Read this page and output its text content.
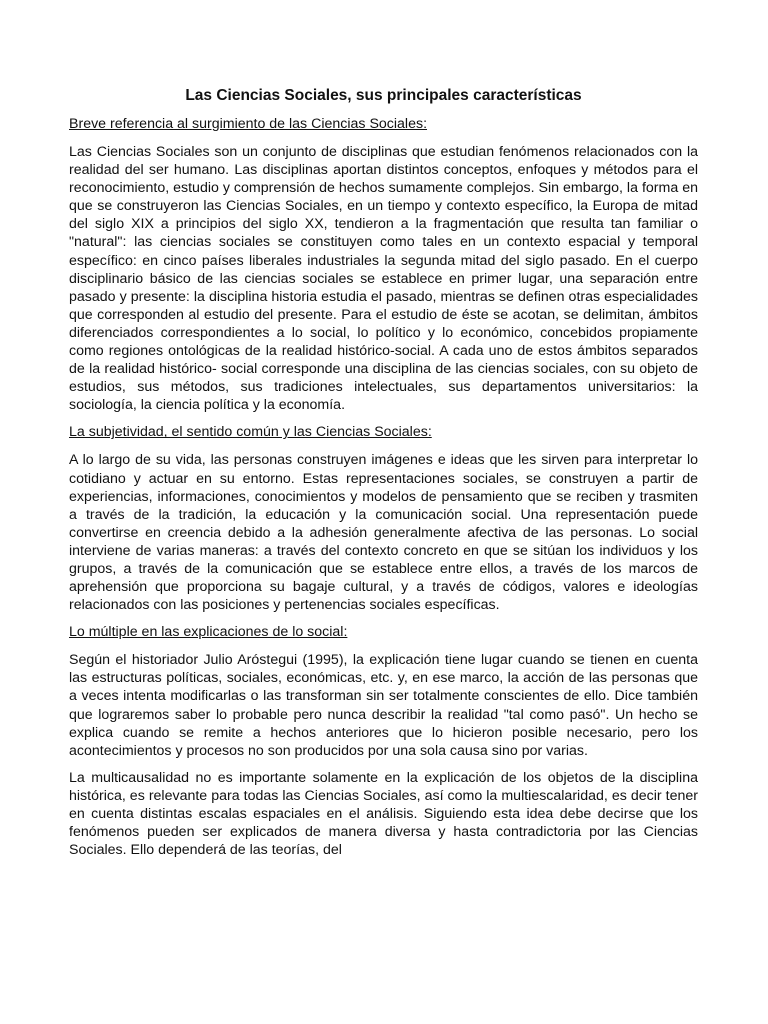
Las Ciencias Sociales, sus principales características
Breve referencia al surgimiento de las Ciencias Sociales:

Las Ciencias Sociales son un conjunto de disciplinas que estudian fenómenos relacionados con la realidad del ser humano. Las disciplinas aportan distintos conceptos, enfoques y métodos para el reconocimiento, estudio y comprensión de hechos sumamente complejos. Sin embargo, la forma en que se construyeron las Ciencias Sociales, en un tiempo y contexto específico, la Europa de mitad del siglo XIX a principios del siglo XX, tendieron a la fragmentación que resulta tan familiar o "natural": las ciencias sociales se constituyen como tales en un contexto espacial y temporal específico: en cinco países liberales industriales la segunda mitad del siglo pasado. En el cuerpo disciplinario básico de las ciencias sociales se establece en primer lugar, una separación entre pasado y presente: la disciplina historia estudia el pasado, mientras se definen otras especialidades que corresponden al estudio del presente. Para el estudio de éste se acotan, se delimitan, ámbitos diferenciados correspondientes a lo social, lo político y lo económico, concebidos propiamente como regiones ontológicas de la realidad histórico-social. A cada uno de estos ámbitos separados de la realidad histórico- social corresponde una disciplina de las ciencias sociales, con su objeto de estudios, sus métodos, sus tradiciones intelectuales, sus departamentos universitarios: la sociología, la ciencia política y la economía.

La subjetividad, el sentido común y las Ciencias Sociales:

A lo largo de su vida, las personas construyen imágenes e ideas que les sirven para interpretar lo cotidiano y actuar en su entorno. Estas representaciones sociales, se construyen a partir de experiencias, informaciones, conocimientos y modelos de pensamiento que se reciben y trasmiten a través de la tradición, la educación y la comunicación social. Una representación puede convertirse en creencia debido a la adhesión generalmente afectiva de las personas. Lo social interviene de varias maneras: a través del contexto concreto en que se sitúan los individuos y los grupos, a través de la comunicación que se establece entre ellos, a través de los marcos de aprehensión que proporciona su bagaje cultural, y a través de códigos, valores e ideologías relacionados con las posiciones y pertenencias sociales específicas.

Lo múltiple en las explicaciones de lo social:

Según el historiador Julio Aróstegui (1995), la explicación tiene lugar cuando se tienen en cuenta las estructuras políticas, sociales, económicas, etc. y, en ese marco, la acción de las personas que a veces intenta modificarlas o las transforman sin ser totalmente conscientes de ello. Dice también que lograremos saber lo probable pero nunca describir la realidad "tal como pasó". Un hecho se explica cuando se remite a hechos anteriores que lo hicieron posible necesario, pero los acontecimientos y procesos no son producidos por una sola causa sino por varias.

La multicausalidad no es importante solamente en la explicación de los objetos de la disciplina histórica, es relevante para todas las Ciencias Sociales, así como la multiescalaridad, es decir tener en cuenta distintas escalas espaciales en el análisis. Siguiendo esta idea debe decirse que los fenómenos pueden ser explicados de manera diversa y hasta contradictoria por las Ciencias Sociales. Ello dependerá de las teorías, del
